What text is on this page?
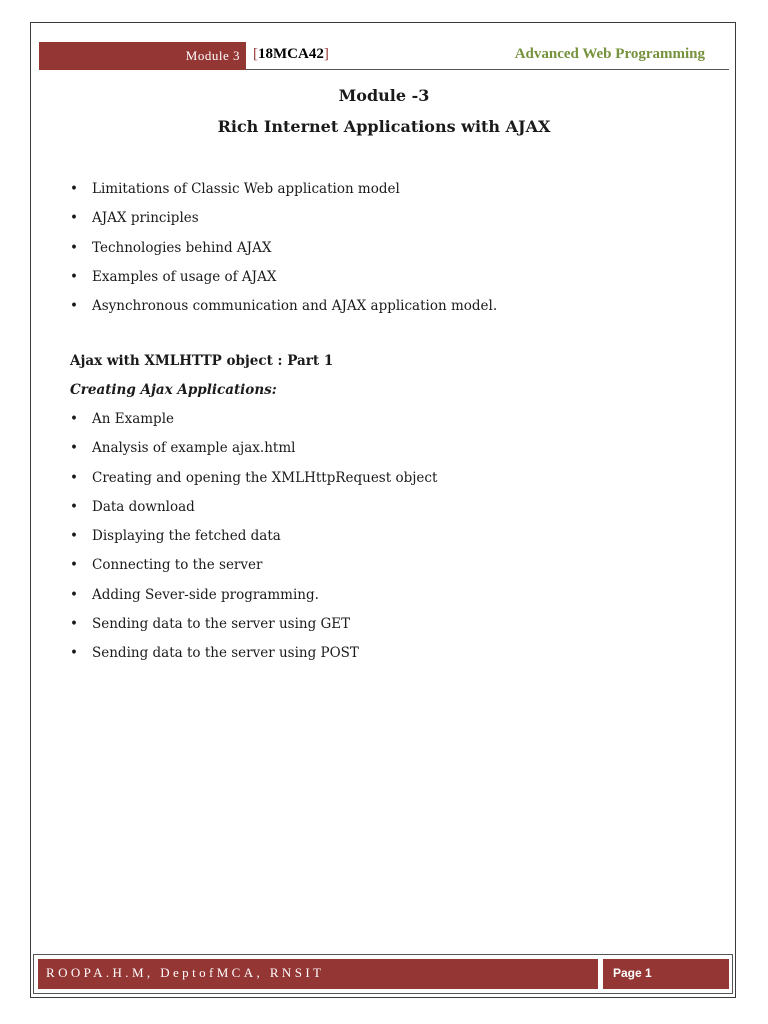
Module 3 [18MCA42]	Advanced Web Programming
Module -3
Rich Internet Applications with AJAX
• Limitations of Classic Web application model
• AJAX principles
• Technologies behind AJAX
• Examples of usage of AJAX
• Asynchronous communication and AJAX application model.
Ajax with XMLHTTP object : Part 1
Creating Ajax Applications:
• An Example
• Analysis of example ajax.html
• Creating and opening the XMLHttpRequest object
• Data download
• Displaying the fetched data
• Connecting to the server
• Adding Sever-side programming.
• Sending data to the server using GET
• Sending data to the server using POST
ROOPA.H.M, DeptofMCA, RNSIT	Page 1
